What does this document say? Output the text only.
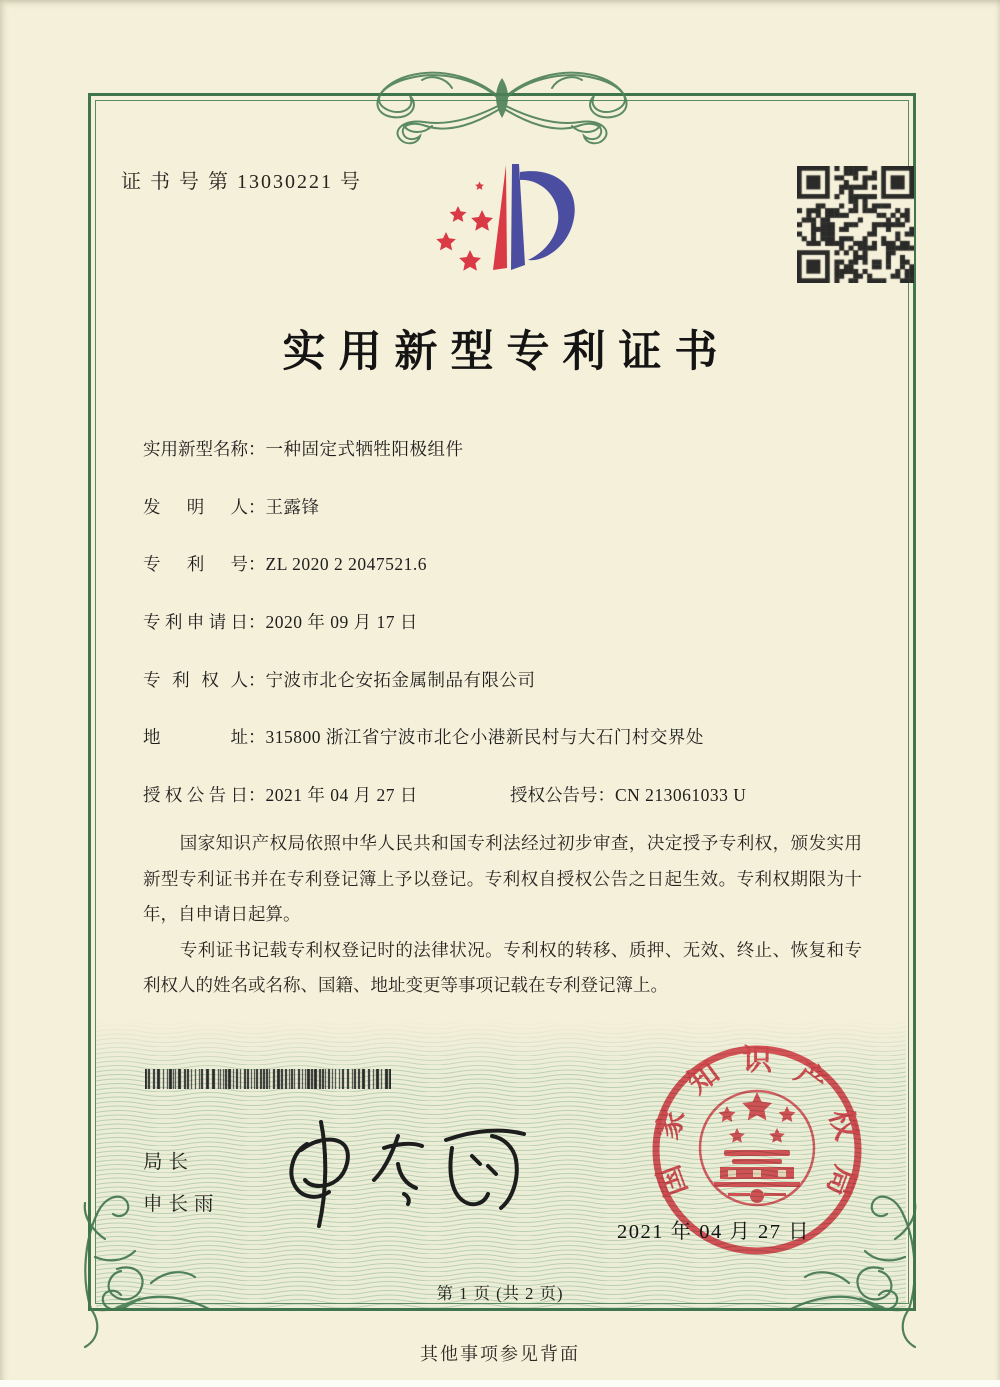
证 书 号 第 13030221 号
实用新型专利证书
实用新型名称：一种固定式牺牲阳极组件
发明人：王露锋
专利号：ZL 2020 2 2047521.6
专利申请日：2020 年 09 月 17 日
专利权人：宁波市北仑安拓金属制品有限公司
地址：315800 浙江省宁波市北仑小港新民村与大石门村交界处
授权公告日：2021 年 04 月 27 日	授权公告号：CN 213061033 U

国家知识产权局依照中华人民共和国专利法经过初步审查，决定授予专利权，颁发实用新型专利证书并在专利登记簿上予以登记。专利权自授权公告之日起生效。专利权期限为十年，自申请日起算。

专利证书记载专利权登记时的法律状况。专利权的转移、质押、无效、终止、恢复和专利权人的姓名或名称、国籍、地址变更等事项记载在专利登记簿上。

国家知识产权局
2021 年 04 月 27 日
局长
申长雨
第 1 页 (共 2 页)
其他事项参见背面
